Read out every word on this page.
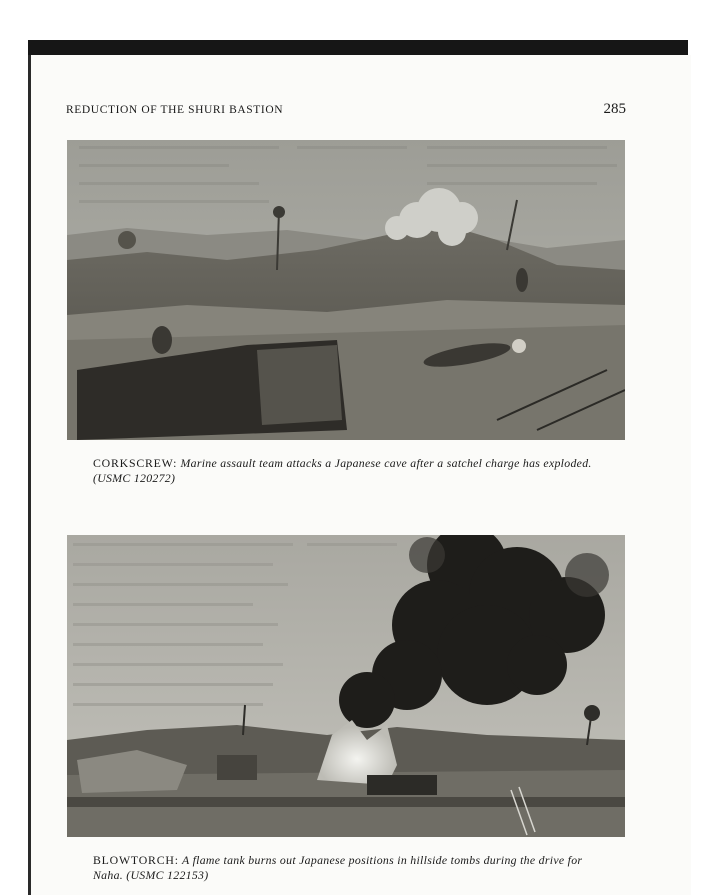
REDUCTION OF THE SHURI BASTION	285
CORKSCREW: Marine assault team attacks a Japanese cave after a satchel charge has exploded. (USMC 120272)
BLOWTORCH: A flame tank burns out Japanese positions in hillside tombs during the drive for Naha. (USMC 122153)
